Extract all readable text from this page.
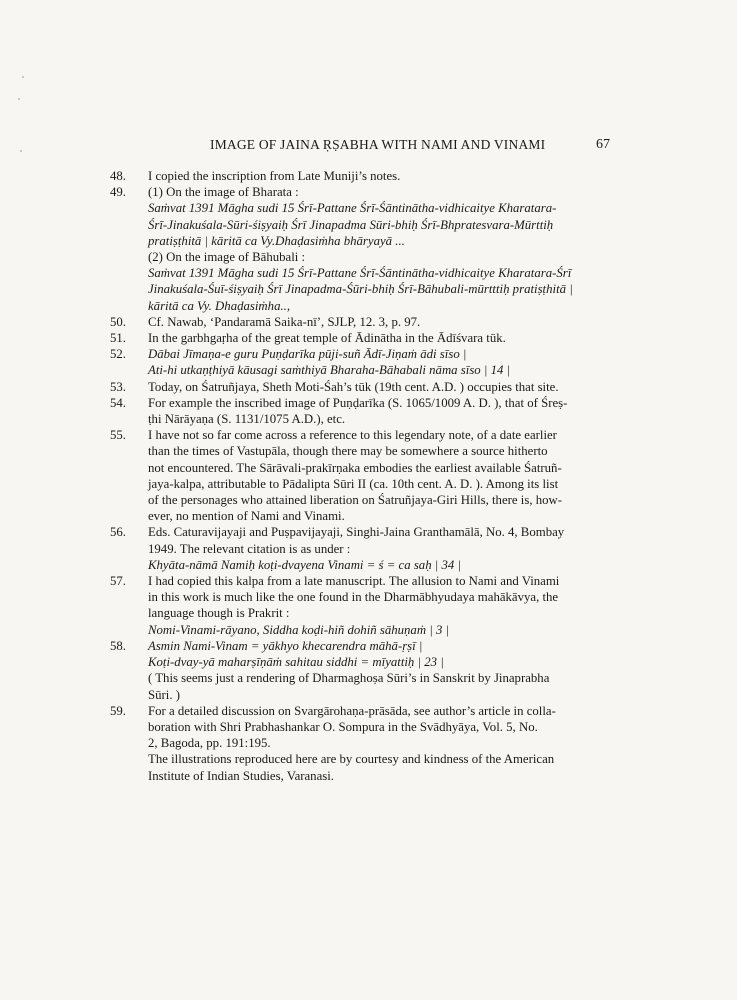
IMAGE OF JAINA ṚṢABHA WITH NAMI AND VINAMI	67
48.	I copied the inscription from Late Muniji’s notes.
49.	(1) On the image of Bharata :
Saṁvat 1391 Māgha sudi 15 Śrī-Pattane Śrī-Śāntinātha-vidhicaitye Kharatara-
Śrī-Jinakuśala-Sūri-śiṣyaiḥ Śrī Jinapadma Sūri-bhiḥ Śrī-Bhpratesvara-Mūrttiḥ
pratiṣṭhitā | kāritā ca Vy.Dhaḍasiṁha bhāryayā ...
(2) On the image of Bāhubali :
Saṁvat 1391 Māgha sudi 15 Śrī-Pattane Śrī-Śāntinātha-vidhicaitye Kharatara-Śrī
Jinakuśala-Śuī-śiṣyaiḥ Śrī Jinapadma-Śūri-bhiḥ Śrī-Bāhubali-mūrtttiḥ pratiṣṭhitā |
kāritā ca Vy. Dhaḍasiṁha..,
50.	Cf. Nawab, ‘Pandaramā Saika-nī’, SJLP, 12. 3, p. 97.
51.	In the garbhgaṛha of the great temple of Ādinātha in the Ādīśvara tūk.
52.	Dābai Jīmaṇa-e guru Puṇḍarīka pūji-suñ Ādī-Jiṇaṁ ādi sīso |
Ati-hi utkaṇṭhiyā kāusagi saṁthiyā Bharaha-Bāhabali nāma sīso | 14 |
53.	Today, on Śatruñjaya, Sheth Moti-Śah’s tūk (19th cent. A.D. ) occupies that site.
54.	For example the inscribed image of Puṇḍarīka (S. 1065/1009 A. D. ), that of Śreṣ-
ṭhi Nārāyaṇa (S. 1131/1075 A.D.), etc.
55.	I have not so far come across a reference to this legendary note, of a date earlier
than the times of Vastupāla, though there may be somewhere a source hitherto
not encountered. The Sārāvali-prakīrṇaka embodies the earliest available Śatruñ-
jaya-kalpa, attributable to Pādalipta Sūri II (ca. 10th cent. A. D. ). Among its list
of the personages who attained liberation on Śatruñjaya-Giri Hills, there is, how-
ever, no mention of Nami and Vinami.
56.	Eds. Caturavijayaji and Puṣpavijayaji, Singhi-Jaina Granthamālā, No. 4, Bombay
1949. The relevant citation is as under :
Khyāta-nāmā Namiḥ koṭi-dvayena Vinami = ś = ca saḥ | 34 |
57.	I had copied this kalpa from a late manuscript. The allusion to Nami and Vinami
in this work is much like the one found in the Dharmābhyudaya mahākāvya, the
language though is Prakrit :
Nomi-Vinami-rāyano, Siddha koḍi-hiñ dohiñ sāhuṇaṁ | 3 |
58.	Asmin Nami-Vinam = yākhyo khecarendra māhā-ṛṣī |
Koṭi-dvay-yā maharṣīṇāṁ sahitau siddhi = mīyattiḥ | 23 |
( This seems just a rendering of Dharmaghoṣa Sūri’s in Sanskrit by Jinaprabha
Sūri. )
59.	For a detailed discussion on Svargārohaṇa-prāsāda, see author’s article in colla-
boration with Shri Prabhashankar O. Sompura in the Svādhyāya, Vol. 5, No.
2, Bagoda, pp. 191:195.
The illustrations reproduced here are by courtesy and kindness of the American
Institute of Indian Studies, Varanasi.
